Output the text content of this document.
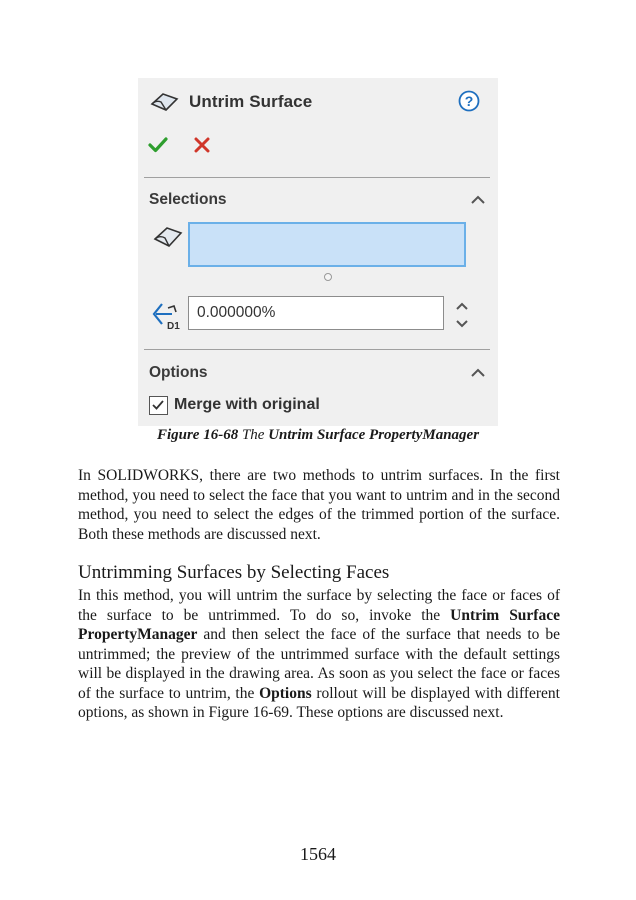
Untrim Surface	?
Selections
D1
0.000000%
Options
Merge with original
Figure 16-68 The Untrim Surface PropertyManager

In SOLIDWORKS, there are two methods to untrim surfaces. In the first method, you need to select the face that you want to untrim and in the second method, you need to select the edges of the trimmed portion of the surface. Both these methods are discussed next.

Untrimming Surfaces by Selecting Faces

In this method, you will untrim the surface by selecting the face or faces of the surface to be untrimmed. To do so, invoke the Untrim Surface PropertyManager and then select the face of the surface that needs to be untrimmed; the preview of the untrimmed surface with the default settings will be displayed in the drawing area. As soon as you select the face or faces of the surface to untrim, the Options rollout will be displayed with different options, as shown in Figure 16-69. These options are discussed next.

1564
